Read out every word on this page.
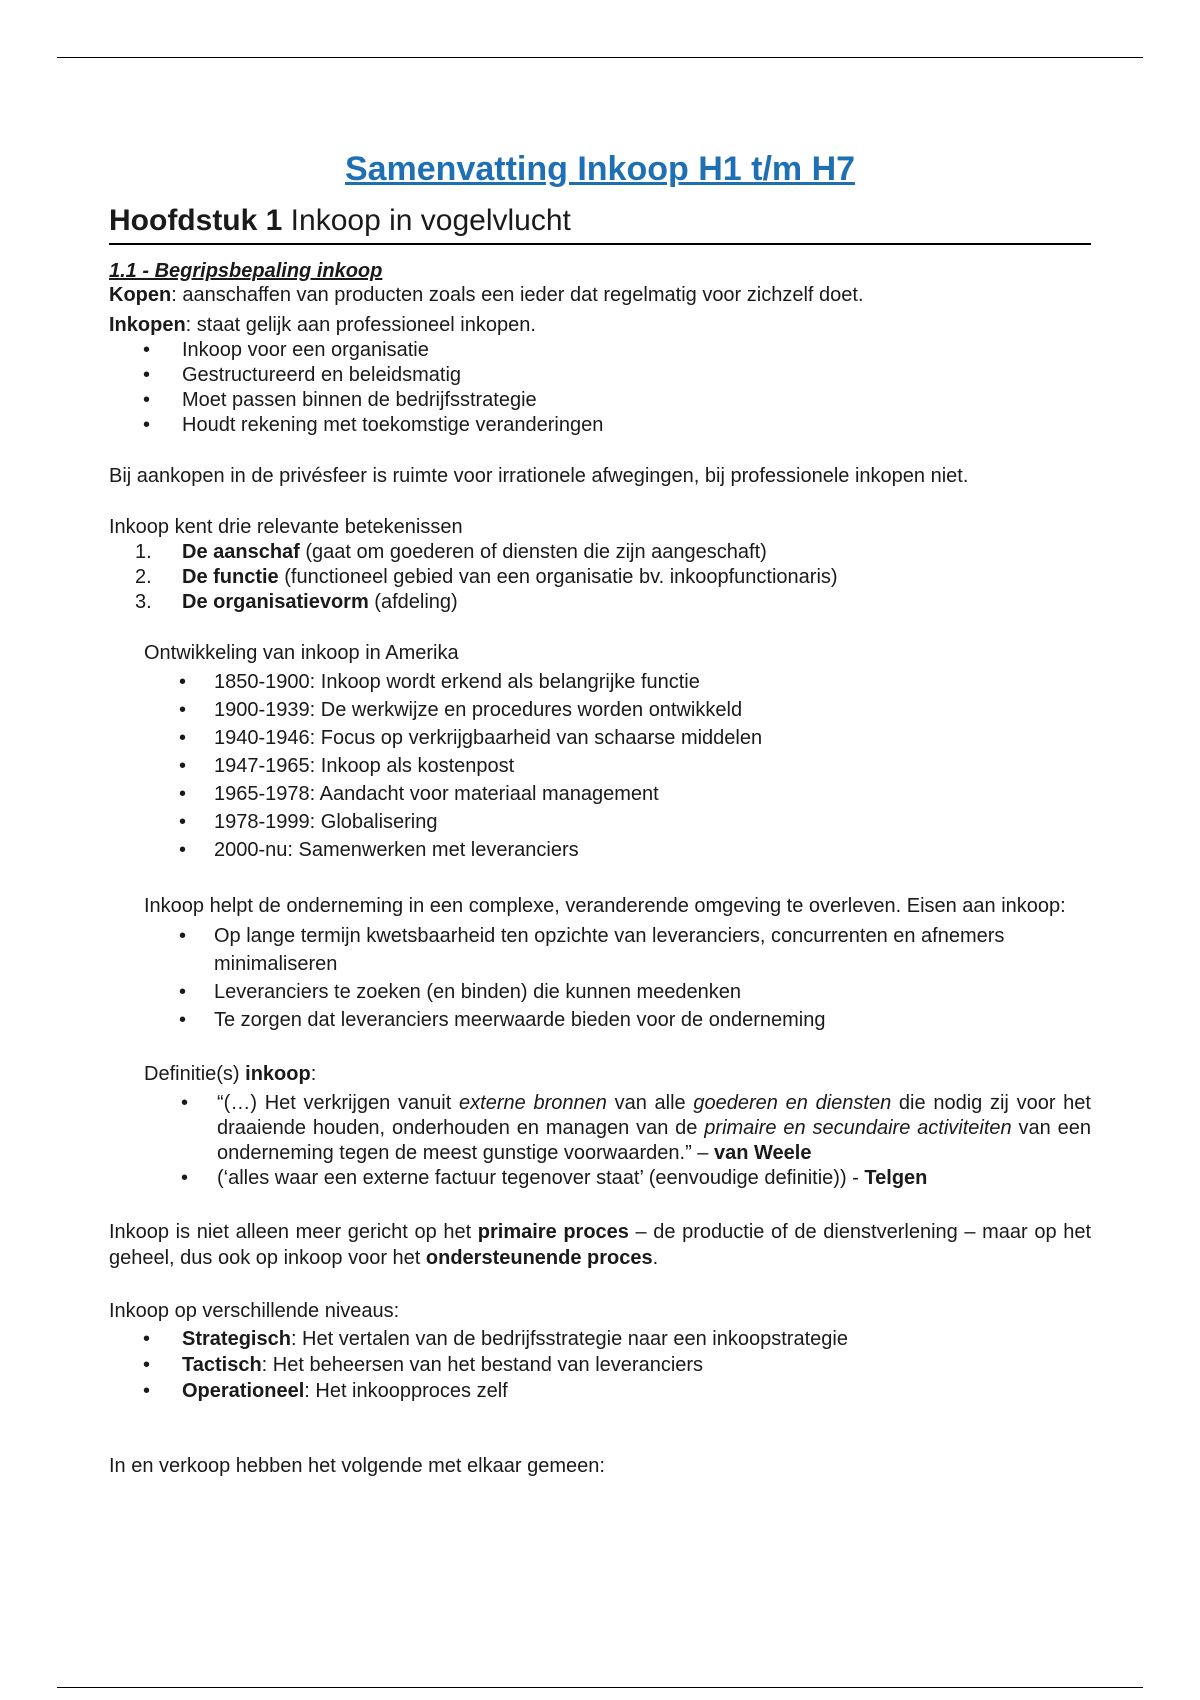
Samenvatting Inkoop H1 t/m H7
Hoofdstuk 1 Inkoop in vogelvlucht
1.1 - Begripsbepaling inkoop

Kopen: aanschaffen van producten zoals een ieder dat regelmatig voor zichzelf doet.

Inkopen: staat gelijk aan professioneel inkopen.

• Inkoop voor een organisatie
• Gestructureerd en beleidsmatig
• Moet passen binnen de bedrijfsstrategie
• Houdt rekening met toekomstige veranderingen

Bij aankopen in de privésfeer is ruimte voor irrationele afwegingen, bij professionele inkopen niet.

Inkoop kent drie relevante betekenissen

1. De aanschaf (gaat om goederen of diensten die zijn aangeschaft)
2. De functie (functioneel gebied van een organisatie bv. inkoopfunctionaris)
3. De organisatievorm (afdeling)

Ontwikkeling van inkoop in Amerika

• 1850-1900: Inkoop wordt erkend als belangrijke functie
• 1900-1939: De werkwijze en procedures worden ontwikkeld
• 1940-1946: Focus op verkrijgbaarheid van schaarse middelen
• 1947-1965: Inkoop als kostenpost
• 1965-1978: Aandacht voor materiaal management
• 1978-1999: Globalisering
• 2000-nu: Samenwerken met leveranciers

Inkoop helpt de onderneming in een complexe, veranderende omgeving te overleven. Eisen aan inkoop:

• Op lange termijn kwetsbaarheid ten opzichte van leveranciers, concurrenten en afnemers minimaliseren
• Leveranciers te zoeken (en binden) die kunnen meedenken
• Te zorgen dat leveranciers meerwaarde bieden voor de onderneming

Definitie(s) inkoop:

• “(…) Het verkrijgen vanuit externe bronnen van alle goederen en diensten die nodig zij voor het draaiende houden, onderhouden en managen van de primaire en secundaire activiteiten van een onderneming tegen de meest gunstige voorwaarden.” – van Weele
• (‘alles waar een externe factuur tegenover staat’ (eenvoudige definitie)) - Telgen

Inkoop is niet alleen meer gericht op het primaire proces – de productie of de dienstverlening – maar op het geheel, dus ook op inkoop voor het ondersteunende proces.

Inkoop op verschillende niveaus:

• Strategisch: Het vertalen van de bedrijfsstrategie naar een inkoopstrategie
• Tactisch: Het beheersen van het bestand van leveranciers
• Operationeel: Het inkoopproces zelf

In en verkoop hebben het volgende met elkaar gemeen:
